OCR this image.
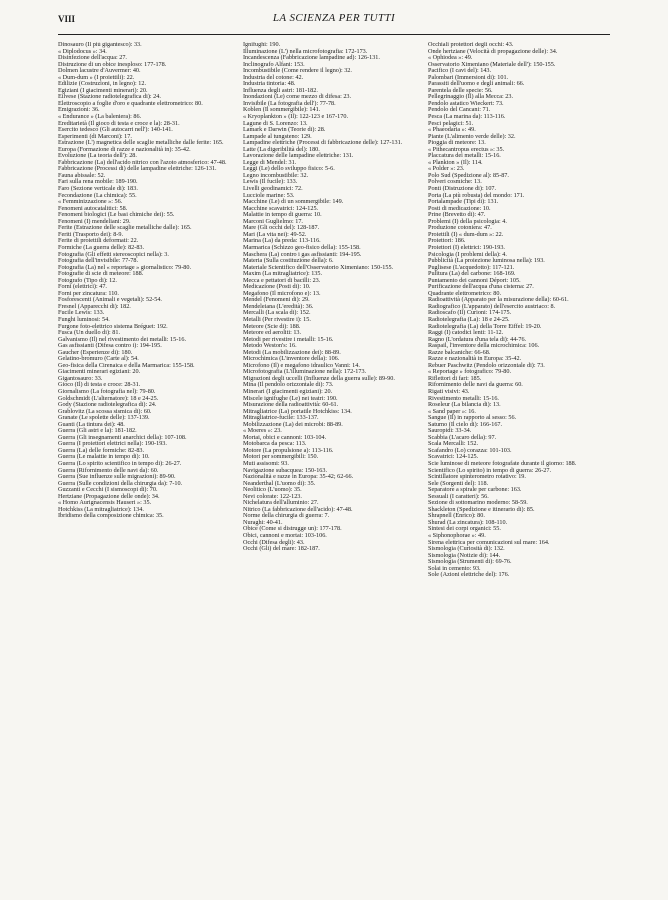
VIII	LA SCIENZA PER TUTTI
Dinosauro (Il più gigantesco): 33.
« Diplodocus »: 34.
Disinfezione dell'acqua: 27.
Distruzione di un obice inesploso: 177-178.
Dolmen lacustre d'Auvermer: 40.
« Dum-dum » (I proiettili): 22.
Edilizie (Costruzioni, in legno): 12.
Egiziani (I giacimenti minerari): 20.
Eilvese (Stazione radiotelegrafica di): 24.
Elettroscopio a foglie d'oro e quadrante elettrometrico: 80.
Emigrazioni: 36.
« Endurance » (La baleniera): 86.
Ereditarietà (Il gioco di testa e croce e la): 28-31.
Esercito tedesco (Gli autocarri nell'): 140-141.
Esperimenti (di Marconi): 17.
Estrazione (L') magnetica delle scaglie metalliche dalle ferite: 165.
Europa (Formazione di razze e nazionalità in): 35-42.
Evoluzione (La teoria dell'): 28.
Fabbricazione (La) dell'acido nitrico con l'azoto atmosferico: 47-48.
Fabbricazione (Processi di) delle lampadine elettriche: 126-131.
Fauna abissale: 52.
Fari sulla rena mobile: 189-190.
Faro (Sezione verticale di): 183.
Fecondazione (La chimica): 55.
« Femminizzazione »: 56.
Fenomeni autocatalitici: 58.
Fenomeni biologici (Le basi chimiche dei): 55.
Fenomeni (I) mendeliani: 29.
Ferite (Estrazione delle scaglie metalliche dalle): 165.
Feriti (Trasporto dei): 8-9.
Ferite di proiettili deformati: 22.
Formiche (La guerra delle): 82-83.
Fotografia (Gli effetti stereoscopici nella): 3.
Fotografia dell'invisibile: 77-78.
Fotografia (La) nel « reportage » giornalistico: 79-80.
Fotografie di scie di meteore: 188.
Fotografo (Tipo di): 12.
Forni (elettrici): 47.
Forni per zincatura: 110.
Fosforescenti (Animali e vegetali): 52-54.
Fresnel (Apparecchi di): 182.
Fucile Lewis: 133.
Funghi luminosi: 54.
Furgone foto-elettrico sistema Bréguet: 192.
Fusca (Un duello di): 81.
Galvanismo (Il) nel rivestimento dei metalli: 15-16.
Gas asfissianti (Difesa contro i): 194-195.
Gaucher (Esperienze di): 180.
Gelatino-bromuro (Carte al): 54.
Geo-fisica della Cirenaica e della Marmarica: 155-158.
Giacimenti minerari egiziani: 20.
Gigantosauro: 33.
Gioco (Il) di testa e croce: 28-31.
Giornalismo (La fotografia nel): 79-80.
Goldschmidt (L'alternatore): 18 e 24-25.
Gody (Stazione radiotelegrafica di): 24.
Grablovitz (La scossa sismica di): 60.
Granate (Le spolette delle): 137-139.
Guanti (La tintura dei): 48.
Guerra (Gli astri e la): 181-182.
Guerra (Gli insegnamenti anarchici della): 107-108.
Guerra (I proiettori elettrici nella): 190-193.
Guerra (La) delle formiche: 82-83.
Guerra (Le malattie in tempo di): 10.
Guerra (Lo spirito scientifico in tempo di): 26-27.
Guerra (Rifornimento delle navi da): 60.
Guerra (Sue influenze sulle migrazioni): 89-90.
Guerra (Sulle condizioni della chirurgia da): 7-10.
Guzzanti e Cecchi (I sismoscopi di): 70.
Hertziane (Propagazione delle onde): 34.
« Homo Aurignacensis Hauseri »: 35.
Hotchkiss (La mitragliatrice): 134.
Ibridismo della composizione chimica: 35.
Ignifughi: 190.
Illuminazione (L') nella microfotografia: 172-173.
Incandescenza (Fabbricazione lampadine ad): 126-131.
Inclinografo Alfani: 153.
Incombustibile (Come rendere il legno): 32.
Industria del cotone: 42.
Industria tintoria: 48.
Influenza degli astri: 181-182.
Inondazioni (Le) come mezzo di difesa: 23.
Invisibile (La fotografia dell'): 77-78.
Koblen (Il sommergibile): 141.
« Kryoplankton » (Il): 122-123 e 167-170.
Lagune di S. Lorenzo: 13.
Lamark e Darwin (Teorie di): 28.
Lampade al tungsteno: 129.
Lampadine elettriche (Processi di fabbricazione delle): 127-131.
Latte (La digeribilità del): 180.
Lavorazione delle lampadine elettriche: 131.
Legge di Mendel: 31.
Leggi (Le) dello sviluppo fisico: 5-6.
Legno incombustibile: 32.
Lewis (Il fucile): 133.
Livelli geodinamici: 72.
Lucciole marine: 53.
Macchine (Le) di un sommergibile: 149.
Macchine scavatrici: 124-125.
Malattie in tempo di guerra: 10.
Marconi Guglielmo: 17.
Mare (Gli occhi del): 128-187.
Mari (La vita nei): 49-52.
Marina (La) da preda: 113-116.
Marmarica (Schizzo geo-fisico della): 155-158.
Maschera (La) contro i gas asfissianti: 194-195.
Materia (Sulla costituzione della): 6.
Materiale Scientifico dell'Osservatorio Ximeniano: 150-155.
Maxim (La mitragliatrice): 135.
Mecca e pettatori di bacilli: 23.
Medicazione (Posti di): 10.
Megafono (Il microfono e): 13.
Mendel (Fenomeni di): 29.
Mendeleiana (L'eredità): 36.
Mercalli (La scala di): 152.
Metalli (Per rivestire i): 15.
Meteore (Scie di): 188.
Meteore ed aeroliti: 13.
Metodi per rivestire i metalli: 15-16.
Metodo Weston's: 16.
Metodi (La mobilizzazione dei): 88-89.
Microchimica (L'inventore della): 106.
Microfono (Il) e megafono idraulico Vanni: 14.
Microfotografia (L'illuminazione nella): 172-173.
Migrazioni degli uccelli (Influenze della guerra sulle): 89-90.
Mina (Il pendolo orizzontale di): 73.
Minerari (I giacimenti egiziani): 20.
Miscele ignifughe (Le) nei teatri: 190.
Misurazione della radioattività: 60-61.
Mitragliatrice (La) portatile Hotchkiss: 134.
Mitragliatrice-fucile: 133-137.
Mobilizzazione (La) dei microbi: 88-89.
« Moeres »: 23.
Mortai, obici e cannoni: 103-104.
Motobarca da pesca: 113.
Motore (La propulsione a): 113-116.
Motori per sommergibili: 150.
Muti assisomi: 93.
Navigazione subacquea: 150-163.
Nazionalità e razze in Europa: 35-42; 62-66.
Neanderthal (L'uomo di): 35.
Neolitico (L'uomo): 35.
Nevi colorate: 122-123.
Nichelatura dell'alluminio: 27.
Nitrico (La fabbricazione dell'acido): 47-48.
Norme della chirurgia di guerra: 7.
Nuraghi: 40-41.
Obice (Come si distrugge un): 177-178.
Obici, cannoni e mortai: 103-106.
Occhi (Difesa degli): 43.
Occhi (Gli) del mare: 182-187.
Occhiali protettori degli occhi: 43.
Onde hertziane (Velocità di propagazione delle): 34.
« Ophiodea »: 49.
Osservatorio Ximeniano (Materiale dell'): 150-155.
Pacifico (I cavi del): 143.
Palombari (Immersioni di): 101.
Parassiti dell'uomo e degli animali: 66.
Parentela delle specie: 56.
Pellegrinaggio (Il) alla Mecca: 23.
Pendolo astatico Wieckert: 73.
Pendolo del Cancani: 71.
Pesca (La marina da): 113-116.
Pesci pelagici: 51.
« Phaeodaria »: 49.
Piante (L'alimento verde delle): 32.
Pioggia di meteore: 13.
« Pithecantropus erectus »: 35.
Placcatura dei metalli: 15-16.
« Plankton » (Il): 114.
« Polder »: 23.
Polo Sud (Spedizione al): 85-87.
Polveri cosmiche: 13.
Ponti (Distruzione di): 107.
Porta (La più robusta) del mondo: 171.
Portalampade (Tipi di): 131.
Posti di medicazione: 10.
Prine (Brevetto di): 47.
Problemi (I) della psicologia: 4.
Produzione cotoniera: 47.
Proiettili (I) « dum-dum »: 22.
Proiettori: 186.
Proiettori (I) elettrici: 190-193.
Psicologia (I problemi della): 4.
Pubblicità (La proiezione luminosa nella): 193.
Puglisese (L'acquedotto): 117-121.
Pulitura (La) del carbone: 168-169.
Puntamento dei cannoni Déport: 105.
Purificazione dell'acqua d'una cisterna: 27.
Quadrante elettrometrico: 80.
Radioattività (Apparato per la misurazione della): 60-61.
Radiografico (L'apparato) dell'esercito austriaco: 8.
Radioscafo (Il) Curioni: 174-175.
Radiotelegrafia (La): 18 e 24-25.
Radiotelegrafia (La) della Torre Eiffel: 19-20.
Raggi (I) catodici lenti: 11-12.
Ragno (L'ordatura d'una tela di): 44-76.
Raspail, l'inventore della microchimica: 106.
Razze balcaniche: 66-68.
Razze e nazionalità in Europa: 35-42.
Rebuer Paschwitz (Pendolo orizzontale di): 73.
« Reportage » fotografico: 79-80.
Riflettori di fari: 185.
Rifornimento delle navi da guerra: 60.
Rigati visivi: 43.
Rivestimento metalli: 15-16.
Roseleur (La bilancia di): 13.
« Sand paper »: 16.
Sangue (Il) in rapporto al sesso: 56.
Saturno (Il cielo di): 166-167.
Sauropidi: 33-34.
Scabbia (L'acaro della): 97.
Scala Mercalli: 152.
Scafandro (Lo) corazza: 101-103.
Scavatrici: 124-125.
Scie luminose di meteore fotografate durante il giorno: 188.
Scientifico (Lo spirito) in tempo di guerra: 26-27.
Scintillatore spinterometro rotativo: 19.
Sele (Sorgenti del): 118.
Separatore a spirale per carbone: 163.
Sessuali (I caratteri): 56.
Sezione di sottomarino moderno: 58-59.
Shackleton (Spedizione e itinerario di): 85.
Shrapnell (Enrico): 80.
Shurad (La zincatura): 108-110.
Sintesi dei corpi organici: 55.
« Siphonophorae »: 49.
Sirena elettrica per comunicazioni sul mare: 164.
Sismologia (Curiosità di): 132.
Sismologia (Notizie di): 144.
Sismologia (Strumenti di): 69-76.
Solai in cemento: 93.
Sole (Azioni elettriche del): 176.
